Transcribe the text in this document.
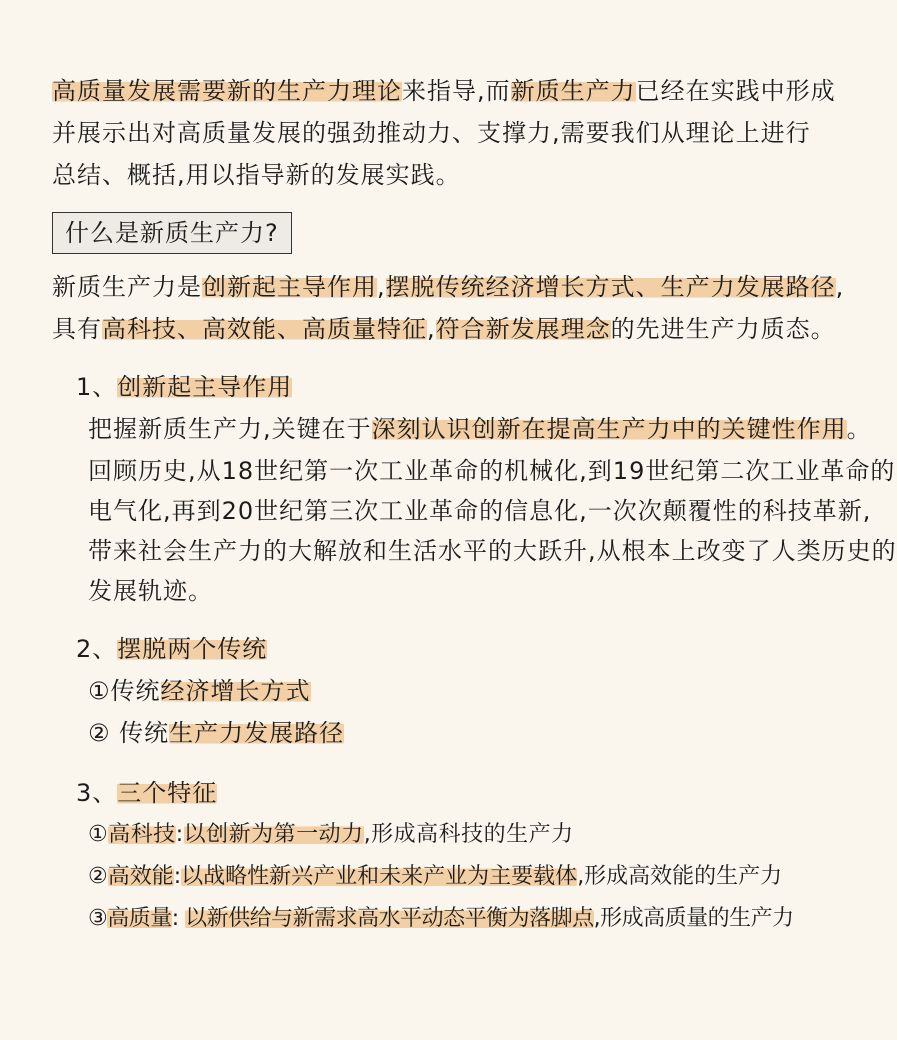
高质量发展需要新的生产力理论来指导,而新质生产力已经在实践中形成
并展示出对高质量发展的强劲推动力、支撑力,需要我们从理论上进行
总结、概括,用以指导新的发展实践。
什么是新质生产力?
新质生产力是创新起主导作用,摆脱传统经济增长方式、生产力发展路径,
具有高科技、高效能、高质量特征,符合新发展理念的先进生产力质态。
1、创新起主导作用
把握新质生产力,关键在于深刻认识创新在提高生产力中的关键性作用。
回顾历史,从18世纪第一次工业革命的机械化,到19世纪第二次工业革命的
电气化,再到20世纪第三次工业革命的信息化,一次次颠覆性的科技革新,
带来社会生产力的大解放和生活水平的大跃升,从根本上改变了人类历史的
发展轨迹。
2、摆脱两个传统
①传统经济增长方式
② 传统生产力发展路径
3、三个特征
①高科技:以创新为第一动力,形成高科技的生产力
②高效能:以战略性新兴产业和未来产业为主要载体,形成高效能的生产力
③高质量: 以新供给与新需求高水平动态平衡为落脚点,形成高质量的生产力
